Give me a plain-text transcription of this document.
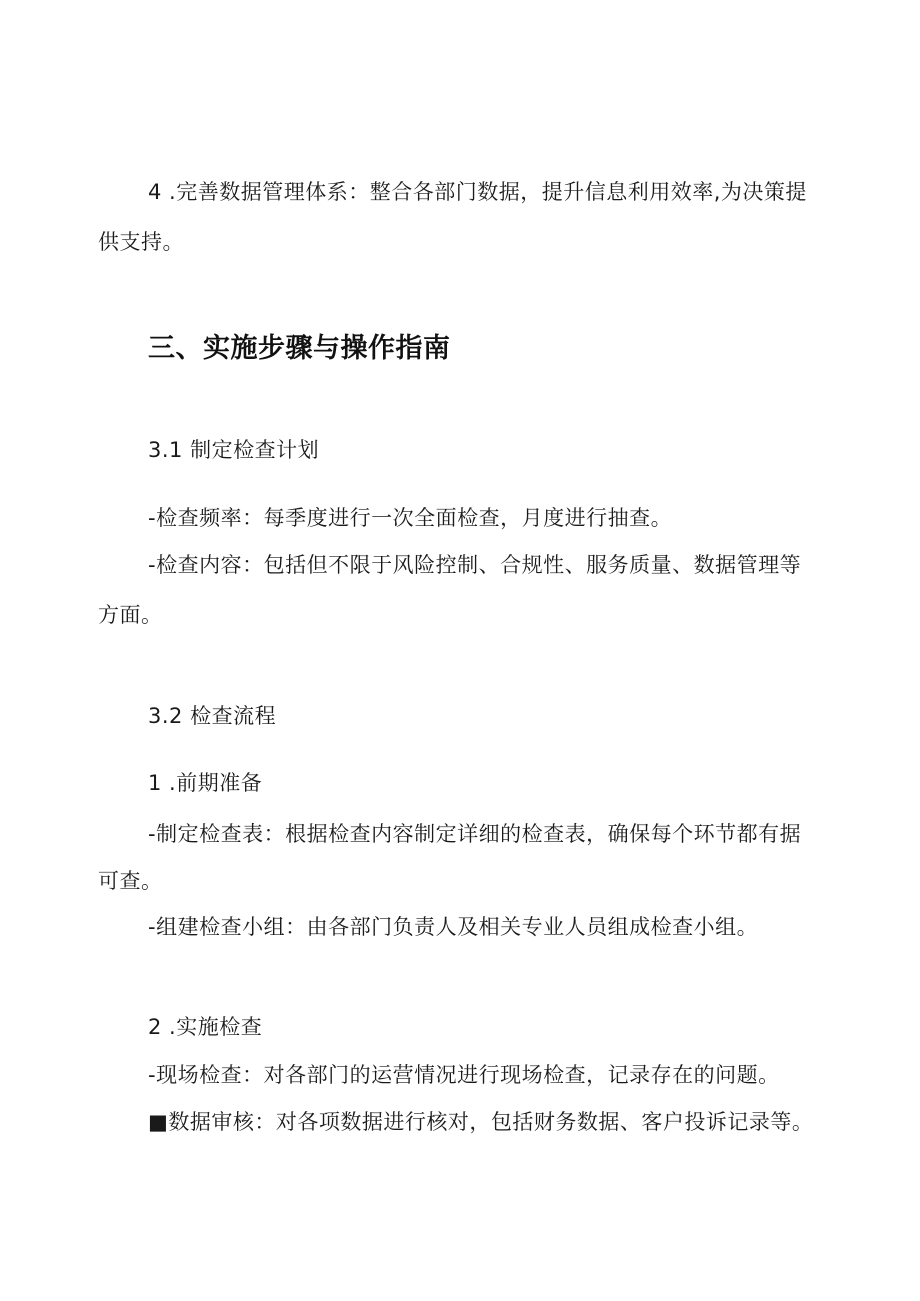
4 .完善数据管理体系：整合各部门数据，提升信息利用效率,为决策提
供支持。
三、实施步骤与操作指南
3.1 制定检查计划
-检查频率：每季度进行一次全面检查，月度进行抽查。
-检查内容：包括但不限于风险控制、合规性、服务质量、数据管理等
方面。
3.2 检查流程
1 .前期准备
-制定检查表：根据检查内容制定详细的检查表，确保每个环节都有据
可查。
-组建检查小组：由各部门负责人及相关专业人员组成检查小组。
2 .实施检查
-现场检查：对各部门的运营情况进行现场检查，记录存在的问题。
■数据审核：对各项数据进行核对，包括财务数据、客户投诉记录等。
